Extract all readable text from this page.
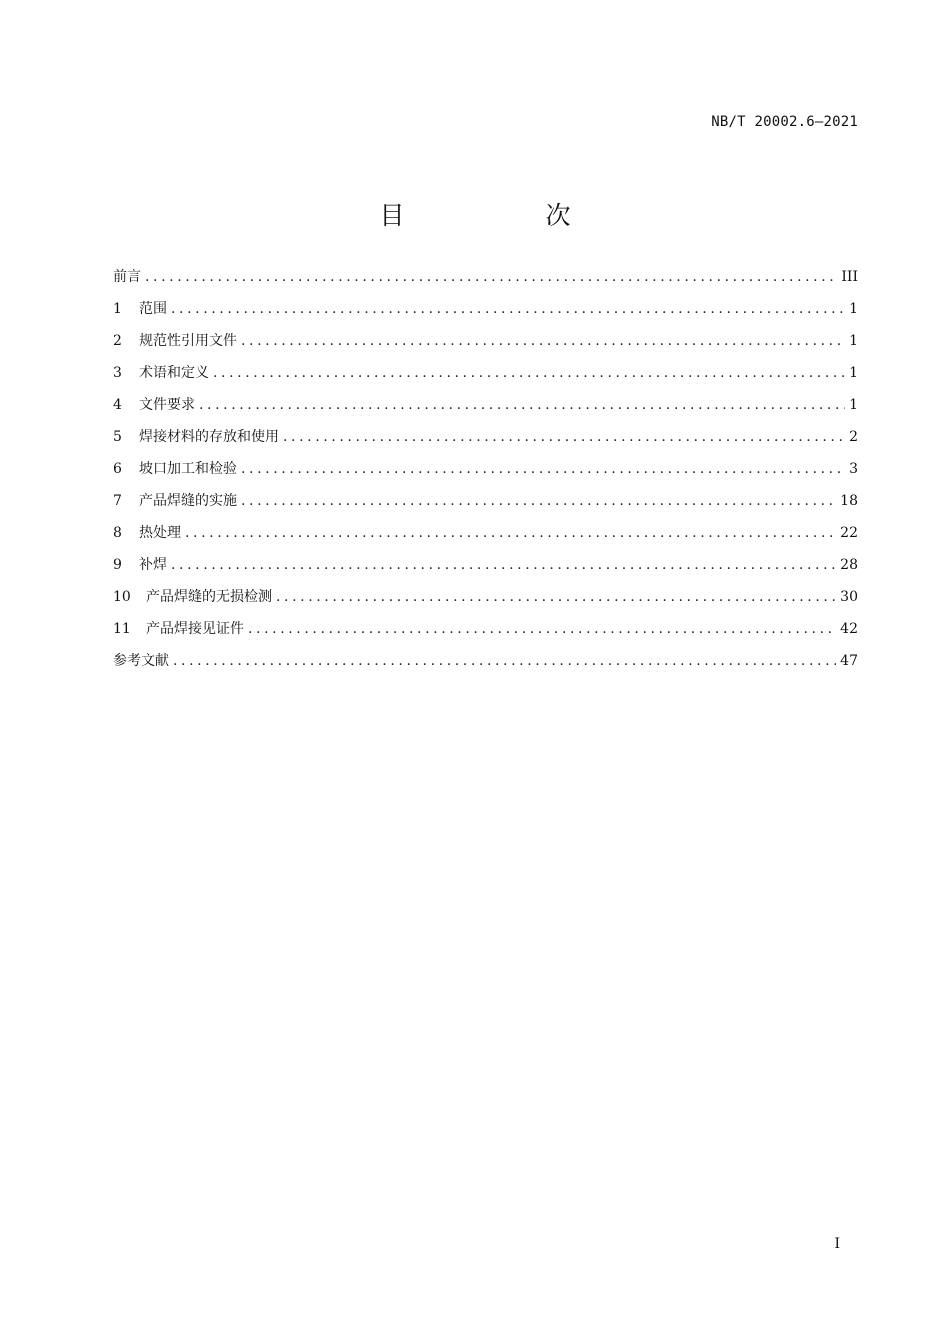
NB/T 20002.6—2021
目　次
前言 .....	III
1	范围 .....	1
2	规范性引用文件 .....	1
3	术语和定义 .....	1
4	文件要求 .....	1
5	焊接材料的存放和使用 .....	2
6	坡口加工和检验 .....	3
7	产品焊缝的实施 .....	18
8	热处理 .....	22
9	补焊 .....	28
10	产品焊缝的无损检测 .....	30
11	产品焊接见证件 .....	42
参考文献 .....	47
I
